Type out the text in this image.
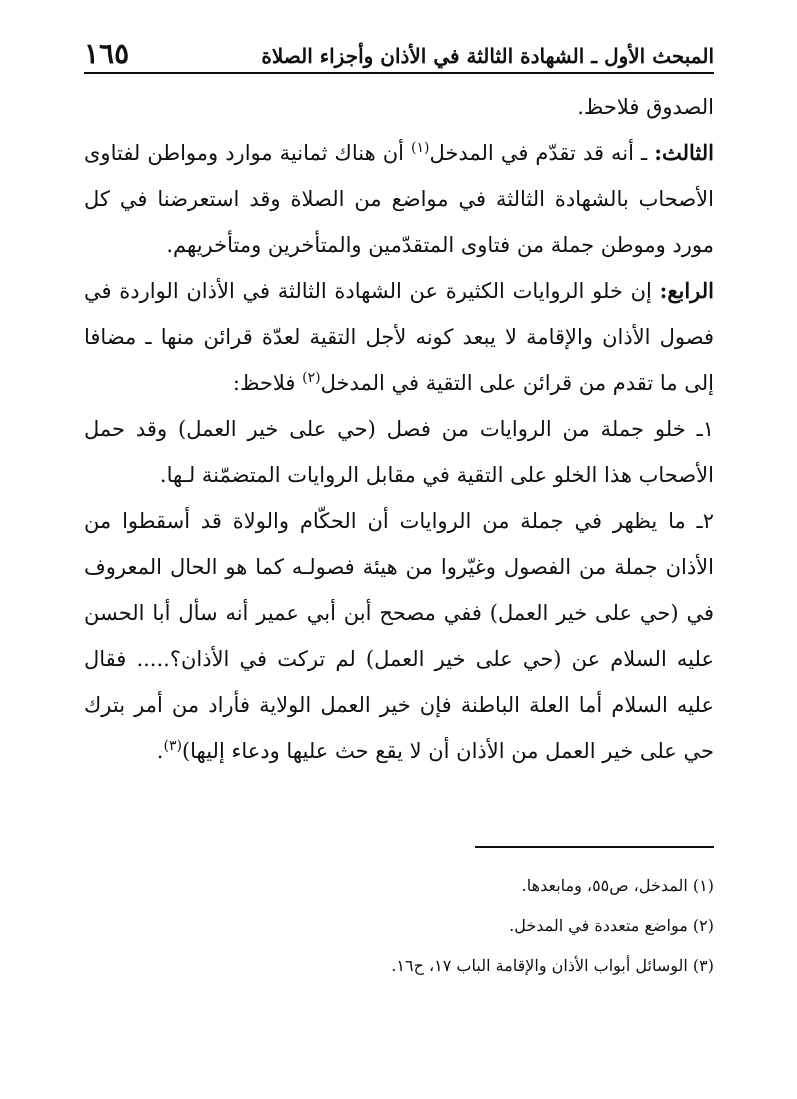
المبحث الأول ـ الشهادة الثالثة في الأذان وأجزاء الصلاة
١٦٥

الصدوق فلاحظ.

الثالث: ـ أنه قد تقدّم في المدخل$^{(١)}$ أن هناك ثمانية موارد ومواطن لفتاوى الأصحاب بالشهادة الثالثة في مواضع من الصلاة وقد استعرضنا في كل مورد وموطن جملة من فتاوى المتقدّمين والمتأخرين ومتأخريهم.

الرابع: إن خلو الروايات الكثيرة عن الشهادة الثالثة في الأذان الواردة في فصول الأذان والإقامة لا يبعد كونه لأجل التقية لعدّة قرائن منها ـ مضافا إلى ما تقدم من قرائن على التقية في المدخل$^{(٢)}$ فلاحظ:

١ـ خلو جملة من الروايات من فصل (حي على خير العمل) وقد حمل الأصحاب هذا الخلو على التقية في مقابل الروايات المتضمّنة لـها.

٢ـ ما يظهر في جملة من الروايات أن الحكّام والولاة قد أسقطوا من الأذان جملة من الفصول وغيّروا من هيئة فصولـه كما هو الحال المعروف في (حي على خير العمل) ففي مصحح أبن أبي عمير أنه سأل أبا الحسن عليه السلام عن (حي على خير العمل) لم تركت في الأذان؟..... فقال عليه السلام أما العلة الباطنة فإن خير العمل الولاية فأراد من أمر بترك حي على خير العمل من الأذان أن لا يقع حث عليها ودعاء إليها)$^{(٣)}$.

(١) المدخل، ص٥٥، ومابعدها.

(٢) مواضع متعددة في المدخل.

(٣) الوسائل أبواب الأذان والإقامة الباب ١٧، ح١٦.
